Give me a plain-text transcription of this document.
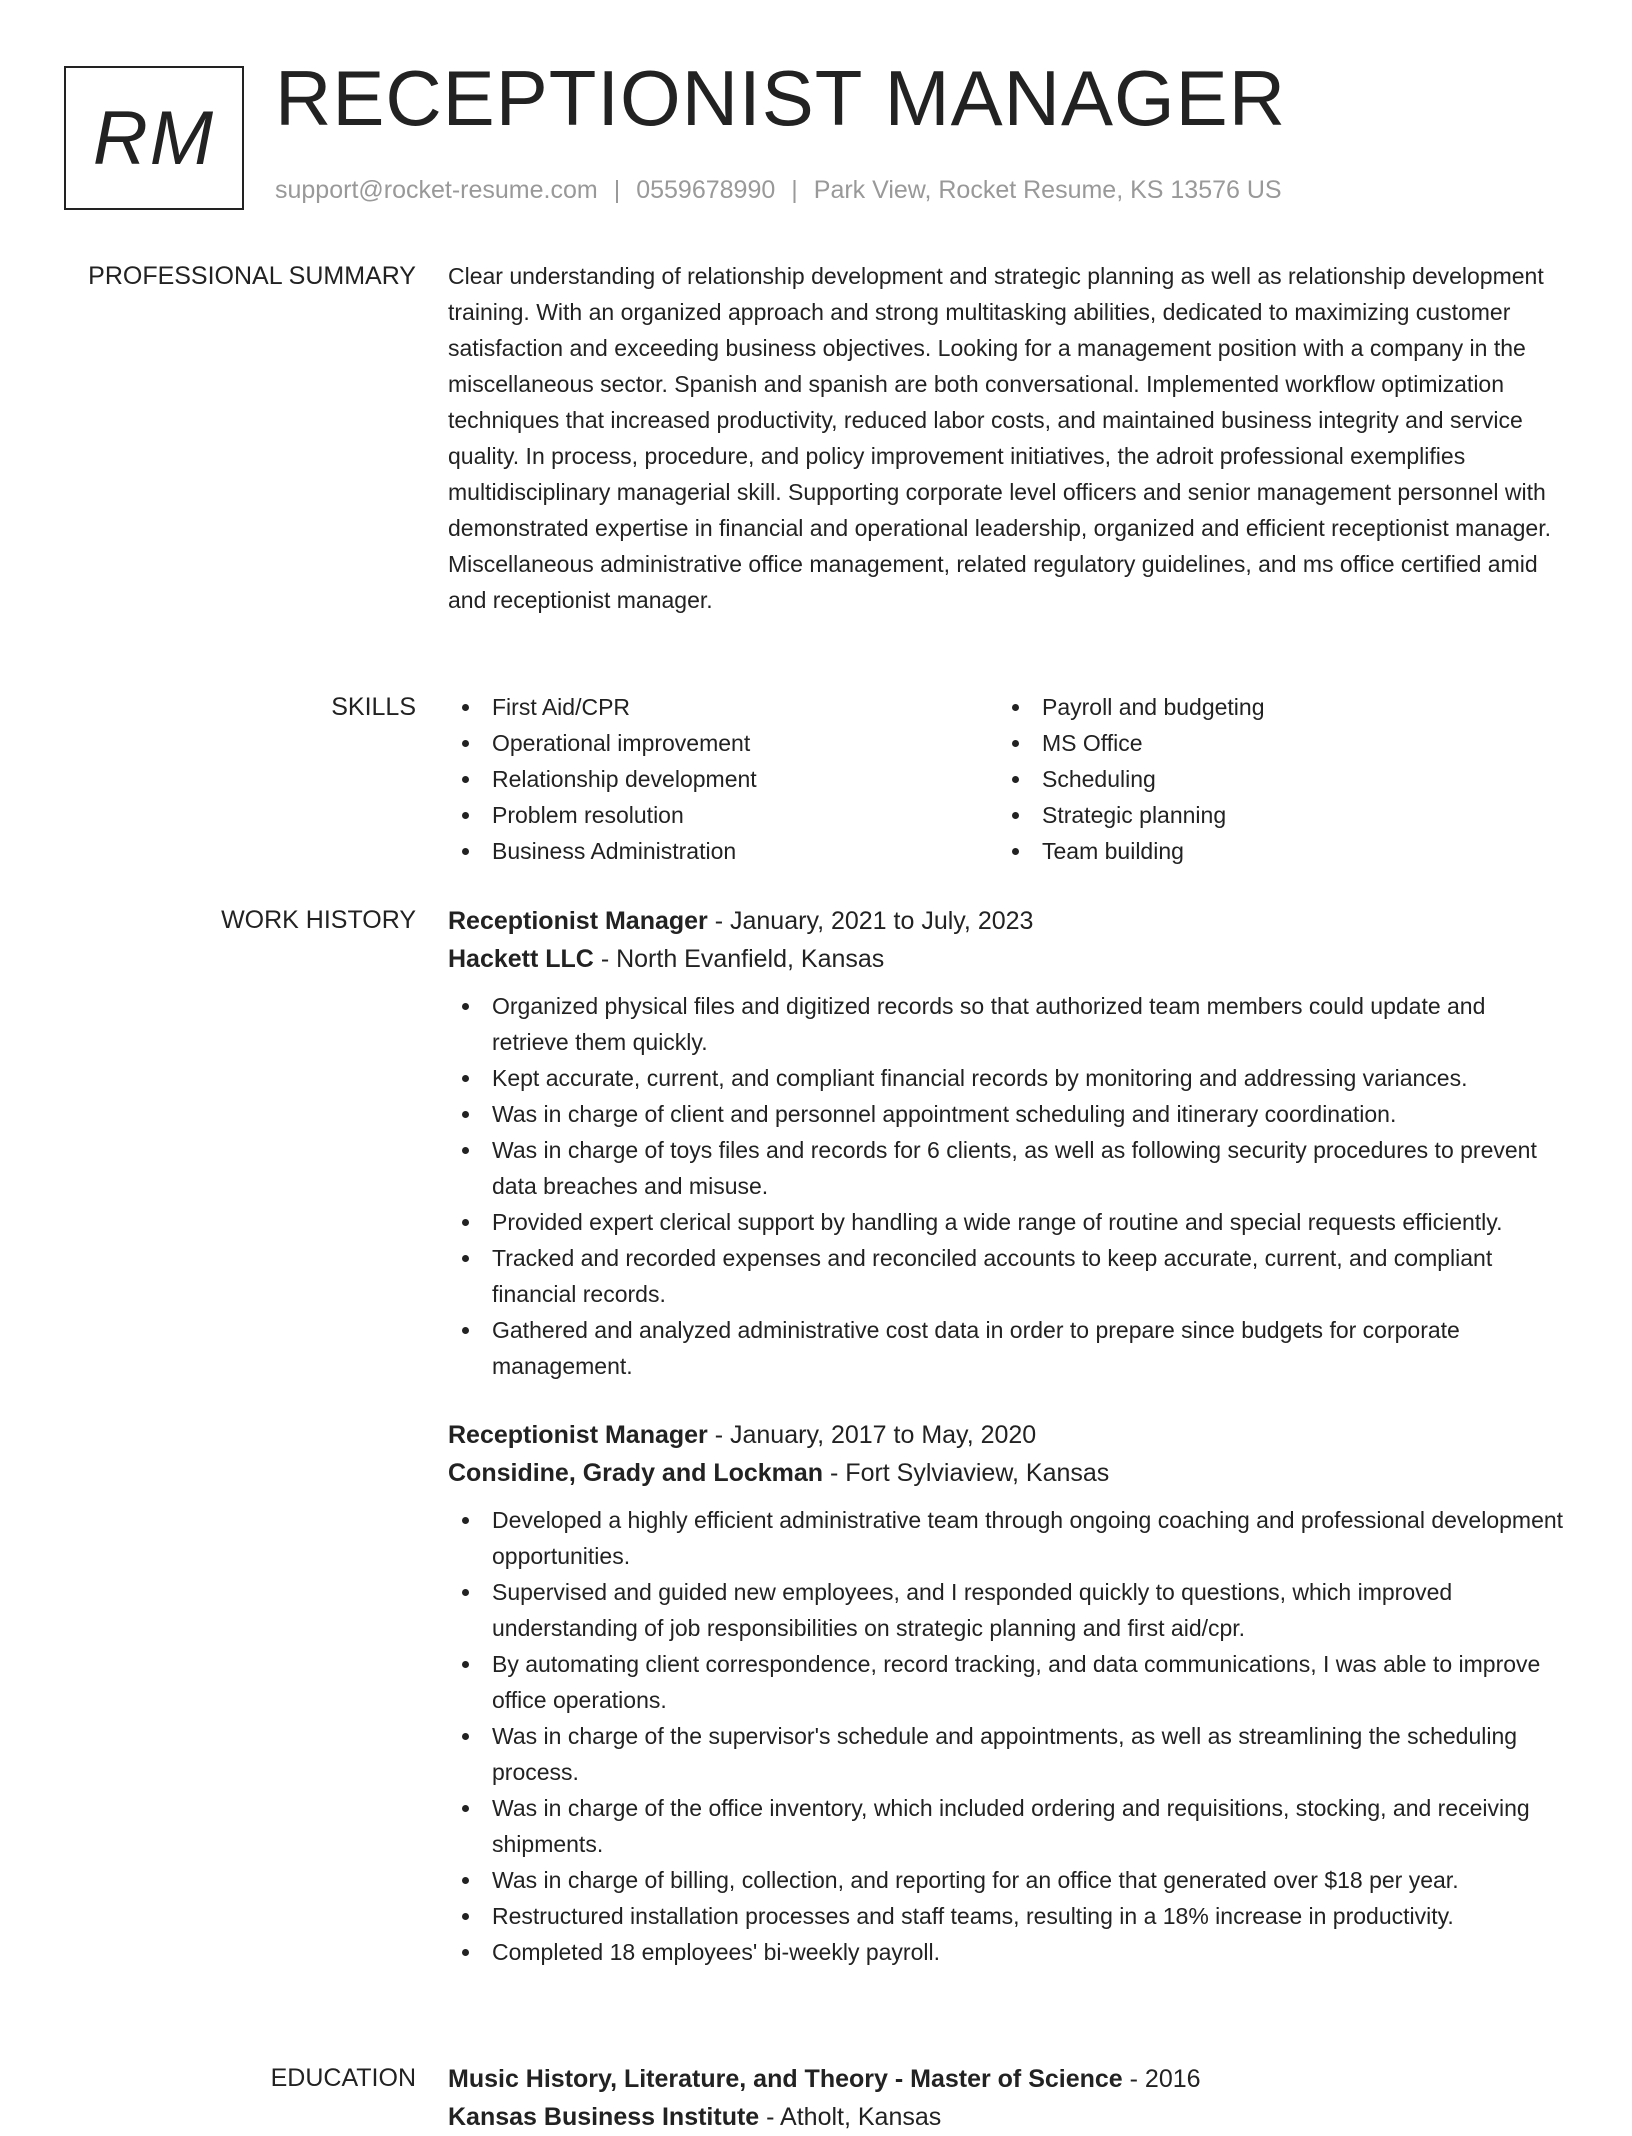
RM RECEPTIONIST MANAGER
support@rocket-resume.com | 0559678990 | Park View, Rocket Resume, KS 13576 US
PROFESSIONAL SUMMARY Clear understanding of relationship development and strategic planning as well as relationship development training. With an organized approach and strong multitasking abilities, dedicated to maximizing customer satisfaction and exceeding business objectives. Looking for a management position with a company in the miscellaneous sector. Spanish and spanish are both conversational. Implemented workflow optimization techniques that increased productivity, reduced labor costs, and maintained business integrity and service quality. In process, procedure, and policy improvement initiatives, the adroit professional exemplifies multidisciplinary managerial skill. Supporting corporate level officers and senior management personnel with demonstrated expertise in financial and operational leadership, organized and efficient receptionist manager. Miscellaneous administrative office management, related regulatory guidelines, and ms office certified amid and receptionist manager.

SKILLS	First Aid/CPR
Operational improvement
Relationship development
Problem resolution
Business Administration
Payroll and budgeting
MS Office
Scheduling
Strategic planning
Team building
WORK HISTORY Receptionist Manager - January, 2021 to July, 2023
Hackett LLC - North Evanfield, Kansas
Organized physical files and digitized records so that authorized team members could update and retrieve them quickly.
Kept accurate, current, and compliant financial records by monitoring and addressing variances.
Was in charge of client and personnel appointment scheduling and itinerary coordination.
Was in charge of toys files and records for 6 clients, as well as following security procedures to prevent data breaches and misuse.
Provided expert clerical support by handling a wide range of routine and special requests efficiently.
Tracked and recorded expenses and reconciled accounts to keep accurate, current, and compliant financial records.
Gathered and analyzed administrative cost data in order to prepare since budgets for corporate management.
Receptionist Manager - January, 2017 to May, 2020
Considine, Grady and Lockman - Fort Sylviaview, Kansas
Developed a highly efficient administrative team through ongoing coaching and professional development opportunities.
Supervised and guided new employees, and I responded quickly to questions, which improved understanding of job responsibilities on strategic planning and first aid/cpr.
By automating client correspondence, record tracking, and data communications, I was able to improve office operations.
Was in charge of the supervisor's schedule and appointments, as well as streamlining the scheduling process.
Was in charge of the office inventory, which included ordering and requisitions, stocking, and receiving shipments.
Was in charge of billing, collection, and reporting for an office that generated over $18 per year.
Restructured installation processes and staff teams, resulting in a 18% increase in productivity.
Completed 18 employees' bi-weekly payroll.
EDUCATION Music History, Literature, and Theory - Master of Science - 2016
Kansas Business Institute - Atholt, Kansas
